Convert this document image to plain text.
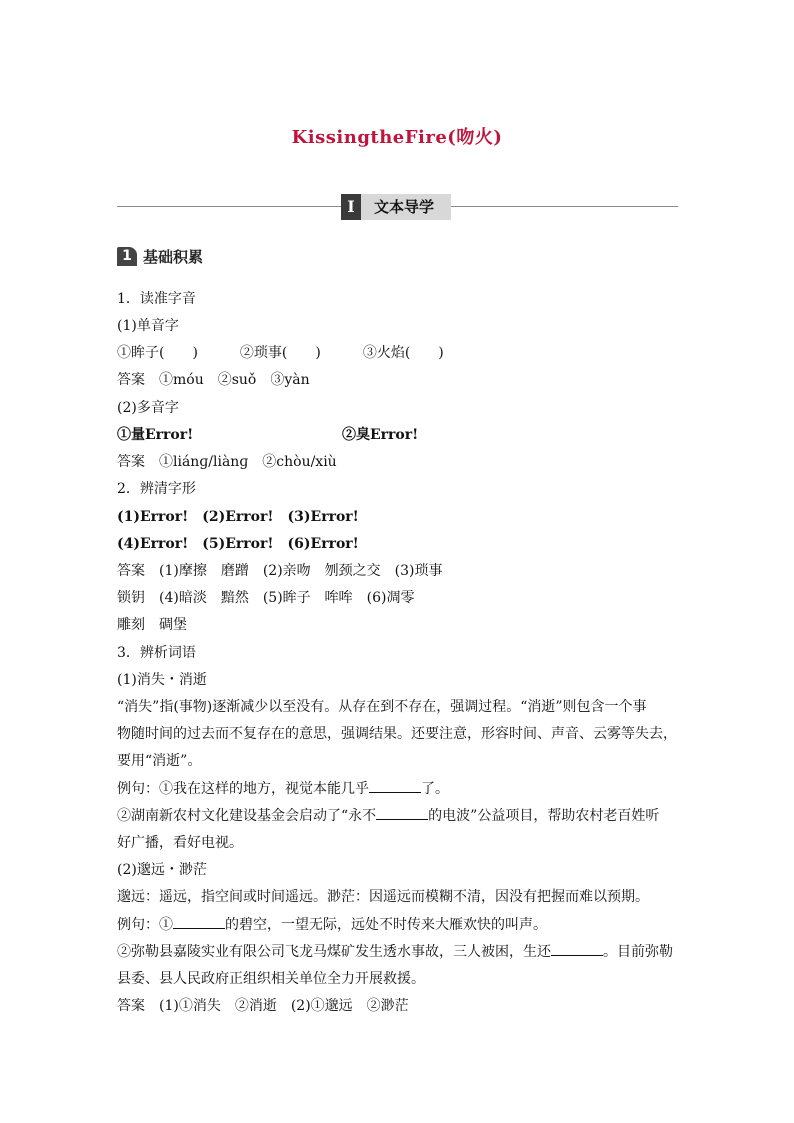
KissingtheFire(吻火)
Ⅰ	文本导学
1 基础积累
1．读准字音
(1)单音字
①眸子(　　)　　　②琐事(　　)　　　③火焰(　　)
答案　①móu　②suǒ　③yàn
(2)多音字
①量Error!	②臭Error!
答案　①liánɡ/liànɡ　②chòu/xiù
2．辨清字形
(1)Error!　(2)Error!　(3)Error!
(4)Error!　(5)Error!　(6)Error!
答案　(1)摩擦　磨蹭　(2)亲吻　刎颈之交　(3)琐事
锁钥　(4)暗淡　黯然　(5)眸子　哞哞　(6)凋零
雕刻　碉堡
3．辨析词语
(1)消失・消逝
“消失”指(事物)逐渐减少以至没有。从存在到不存在，强调过程。“消逝”则包含一个事
物随时间的过去而不复存在的意思，强调结果。还要注意，形容时间、声音、云雾等失去，
要用“消逝”。
例句：①我在这样的地方，视觉本能几乎	了。
②湖南新农村文化建设基金会启动了“永不	的电波”公益项目，帮助农村老百姓听
好广播，看好电视。
(2)邈远・渺茫
邈远：遥远，指空间或时间遥远。渺茫：因遥远而模糊不清，因没有把握而难以预期。
例句：①	的碧空，一望无际，远处不时传来大雁欢快的叫声。
②弥勒县嘉陵实业有限公司飞龙马煤矿发生透水事故，三人被困，生还	。目前弥勒
县委、县人民政府正组织相关单位全力开展救援。
答案　(1)①消失　②消逝　(2)①邈远　②渺茫
